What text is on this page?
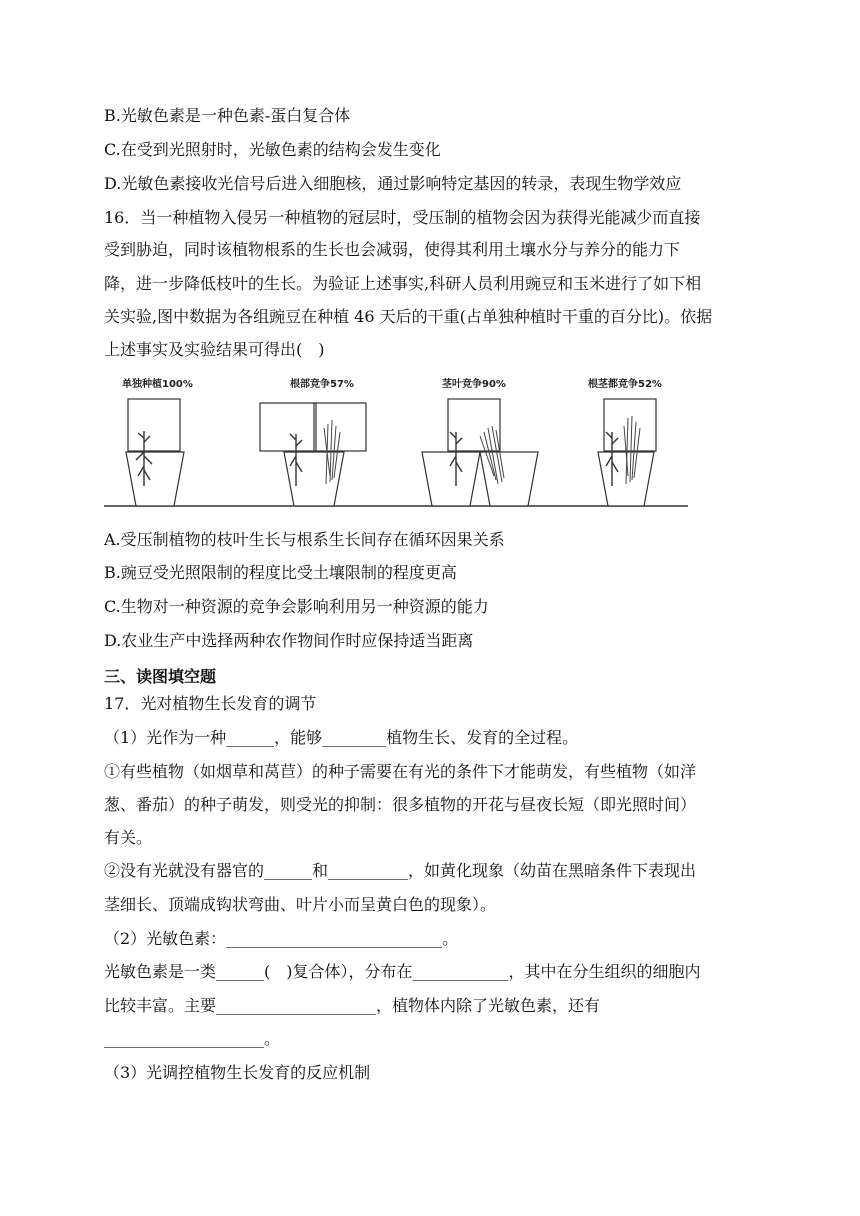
B.光敏色素是一种色素-蛋白复合体
C.在受到光照射时，光敏色素的结构会发生变化
D.光敏色素接收光信号后进入细胞核，通过影响特定基因的转录，表现生物学效应
16．当一种植物入侵另一种植物的冠层时，受压制的植物会因为获得光能减少而直接
受到胁迫，同时该植物根系的生长也会减弱，使得其利用土壤水分与养分的能力下
降，进一步降低枝叶的生长。为验证上述事实,科研人员利用豌豆和玉米进行了如下相
关实验,图中数据为各组豌豆在种植 46 天后的干重(占单独种植时干重的百分比)。依据
上述事实及实验结果可得出(　)
单独种植100%	根部竞争57%	茎叶竞争90%	根茎都竞争52%
A.受压制植物的枝叶生长与根系生长间存在循环因果关系
B.豌豆受光照限制的程度比受土壤限制的程度更高
C.生物对一种资源的竞争会影响利用另一种资源的能力
D.农业生产中选择两种农作物间作时应保持适当距离
三、读图填空题
17．光对植物生长发育的调节
（1）光作为一种______，能够________植物生长、发育的全过程。
①有些植物（如烟草和莴苣）的种子需要在有光的条件下才能萌发，有些植物（如洋
葱、番茄）的种子萌发，则受光的抑制：很多植物的开花与昼夜长短（即光照时间）
有关。
②没有光就没有器官的______和__________，如黄化现象（幼苗在黑暗条件下表现出
茎细长、顶端成钩状弯曲、叶片小而呈黄白色的现象）。
（2）光敏色素：___________________________。
光敏色素是一类______(　)复合体），分布在____________，其中在分生组织的细胞内
比较丰富。主要____________________，植物体内除了光敏色素，还有
____________________。
（3）光调控植物生长发育的反应机制
